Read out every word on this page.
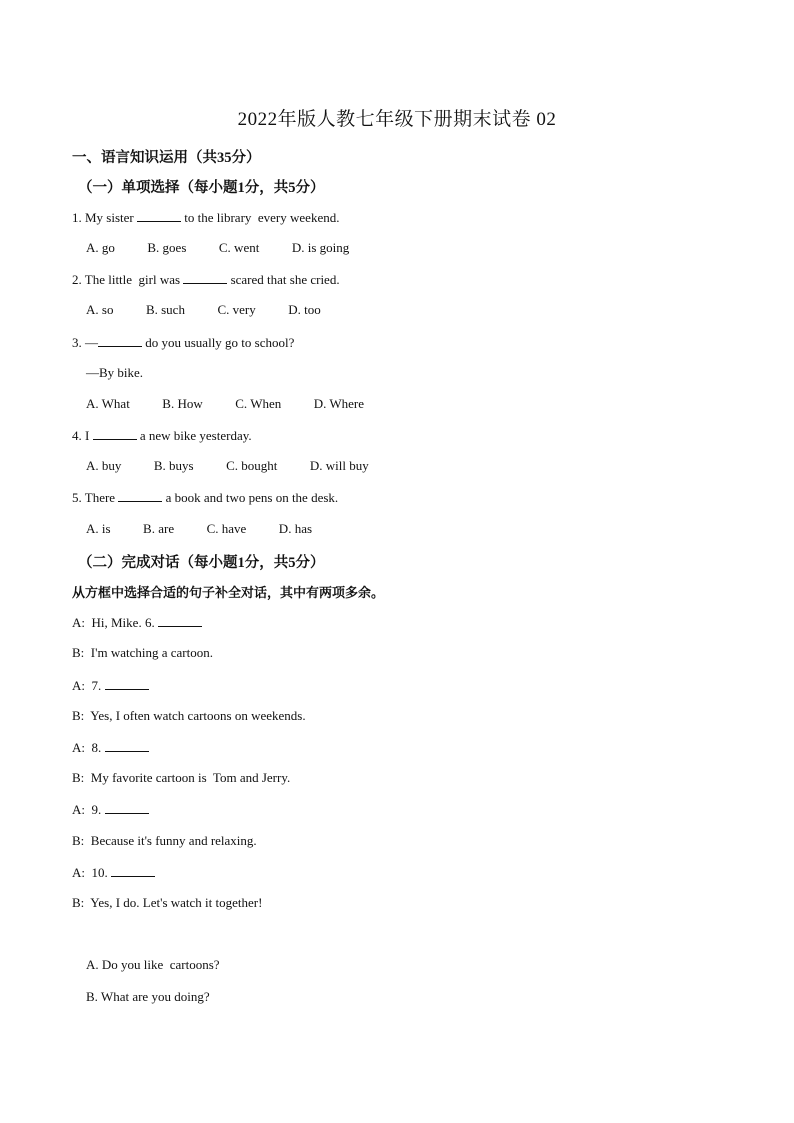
2022年版人教七年级下册期末试卷 02
一、语言知识运用（共35分）
（一）单项选择（每小题1分，共5分）
1. My sister	to the library  every weekend.
A. go          B. goes          C. went          D. is going
2. The little  girl was	scared that she cried.
A. so          B. such          C. very          D. too
3. —	do you usually go to school?
—By bike.
A. What          B. How          C. When          D. Where
4. I	a new bike yesterday.
A. buy          B. buys          C. bought          D. will buy
5. There	a book and two pens on the desk.
A. is          B. are          C. have          D. has
（二）完成对话（每小题1分，共5分）
从方框中选择合适的句子补全对话，其中有两项多余。
A:  Hi, Mike. 6.
B:  I'm watching a cartoon.
A:  7.
B:  Yes, I often watch cartoons on weekends.
A:  8.
B:  My favorite cartoon is  Tom and Jerry.
A:  9.
B:  Because it's funny and relaxing.
A:  10.
B:  Yes, I do. Let's watch it together!
A. Do you like  cartoons?
B. What are you doing?
